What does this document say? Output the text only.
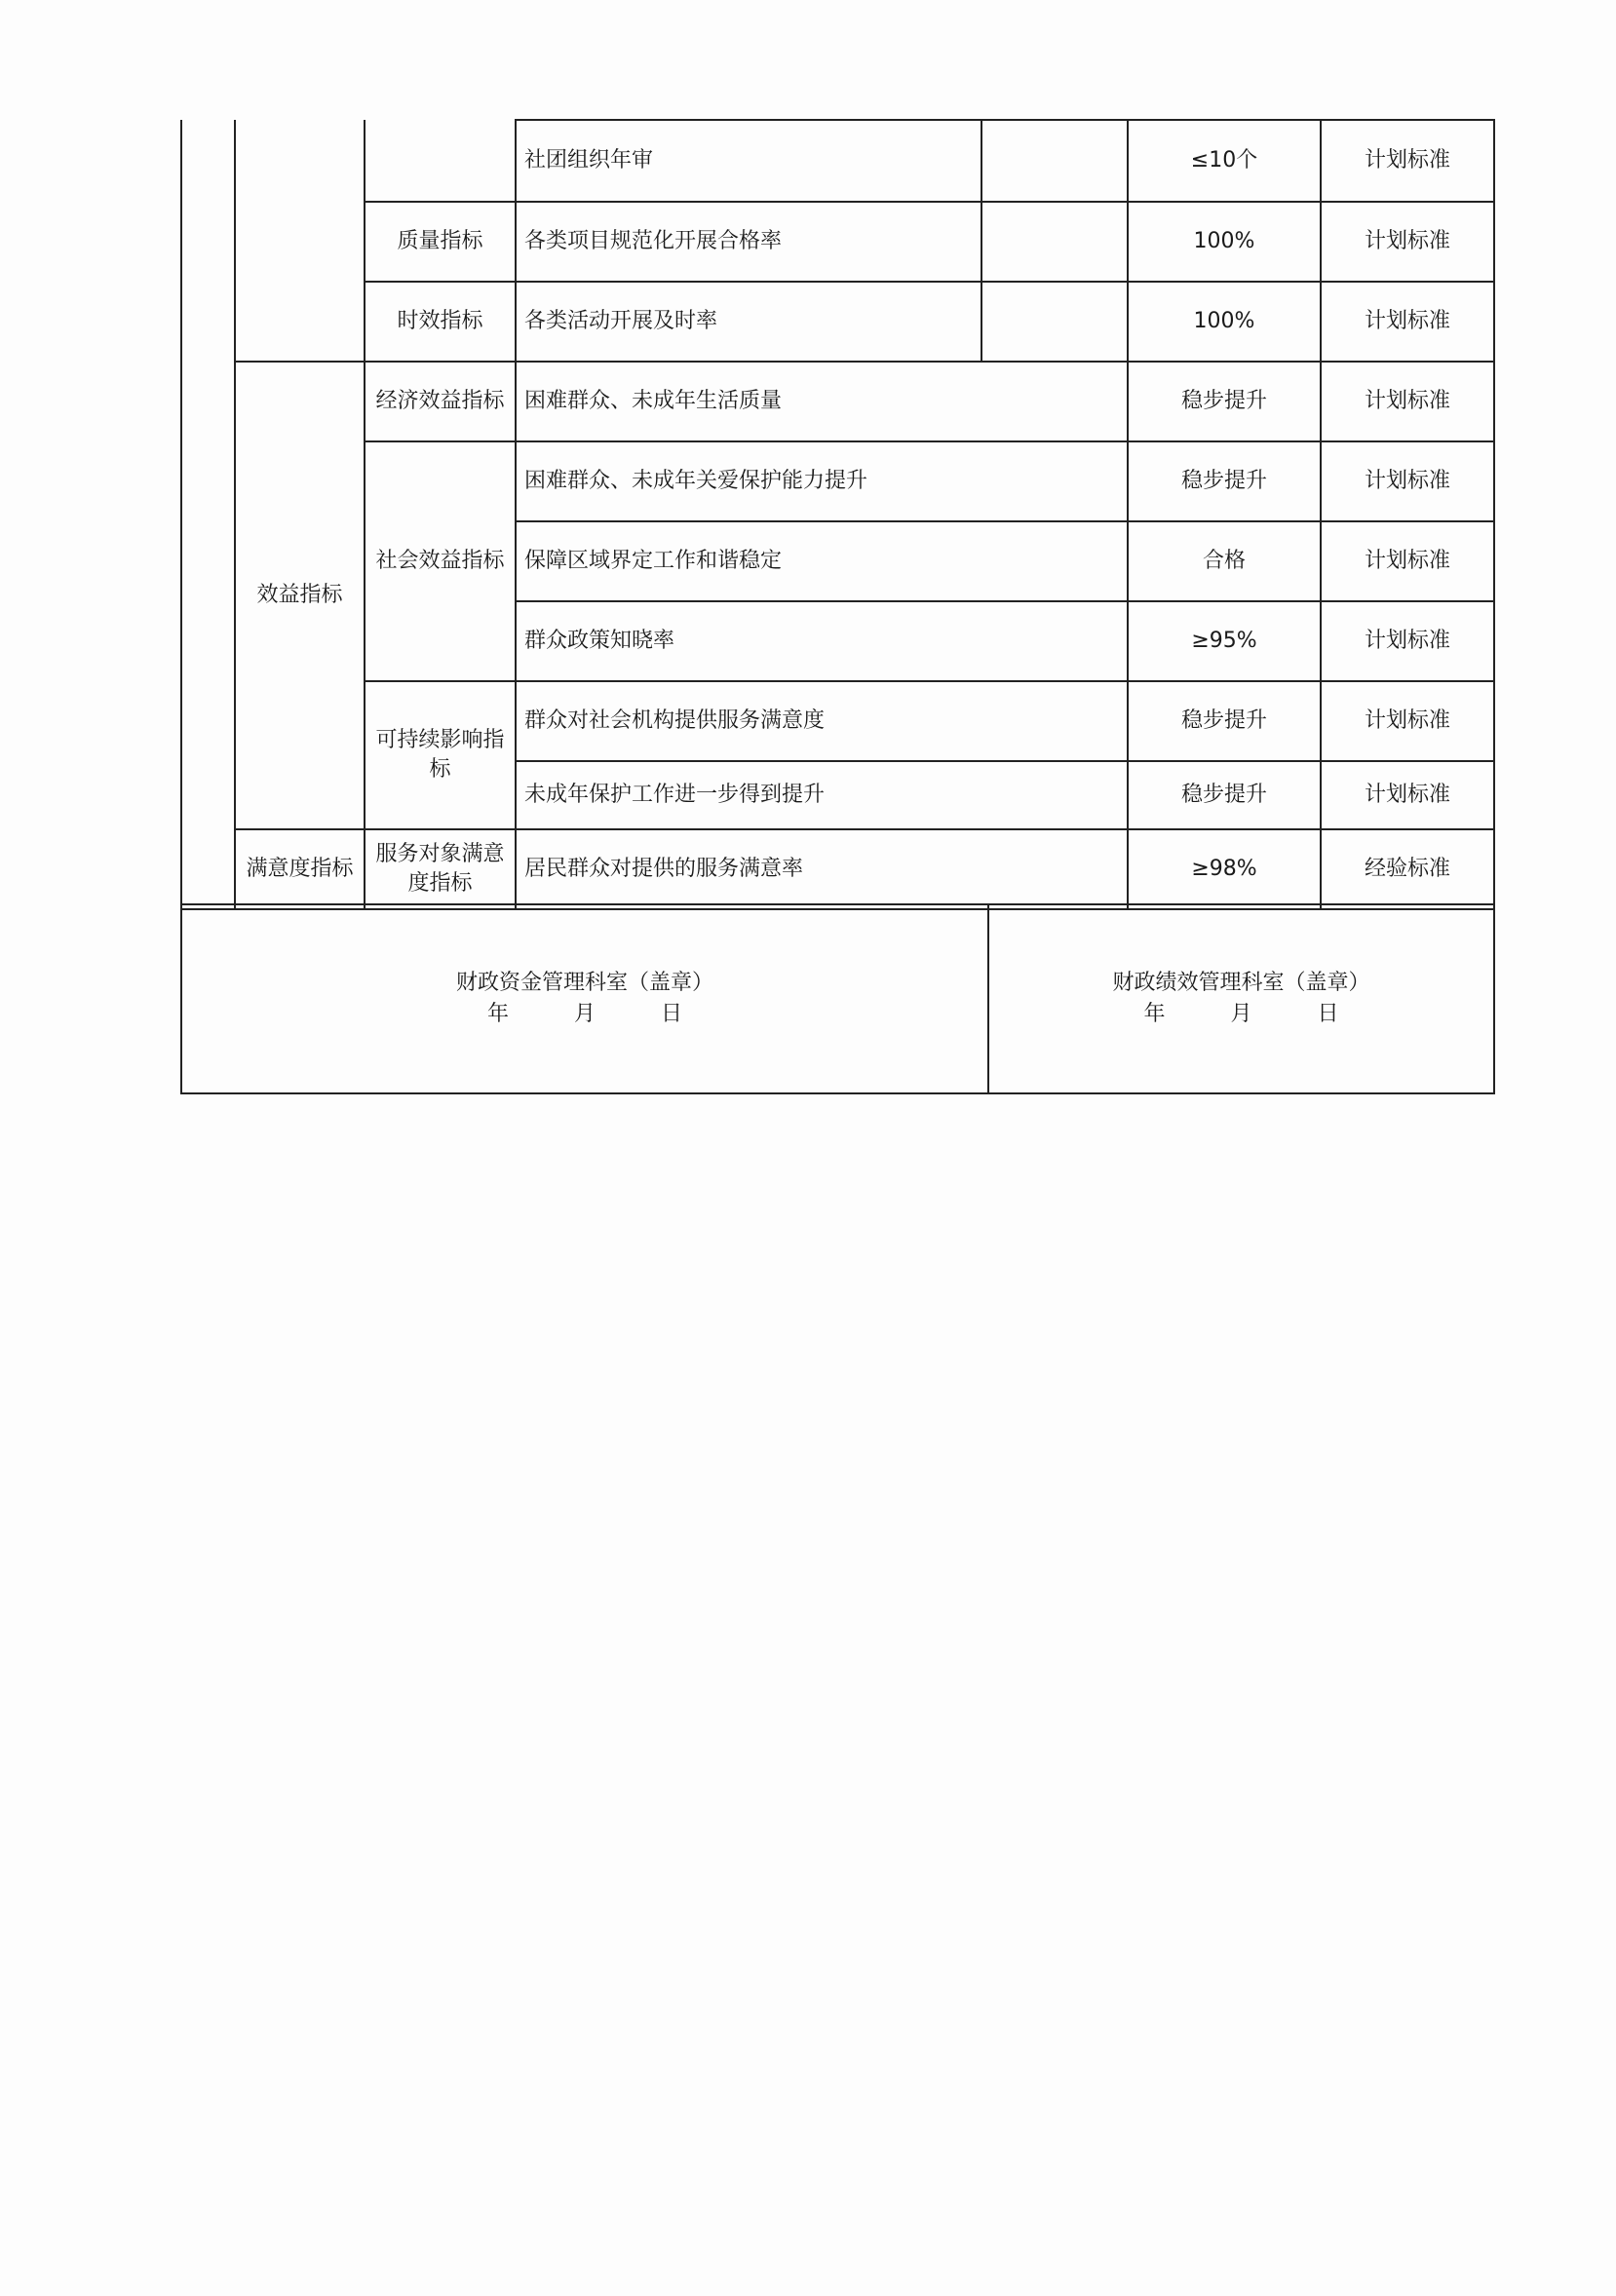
			社团组织年审		≤10个	计划标准
		质量指标	各类项目规范化开展合格率		100%	计划标准
		时效指标	各类活动开展及时率		100%	计划标准
	效益指标	经济效益指标	困难群众、未成年生活质量		稳步提升	计划标准
		社会效益指标	困难群众、未成年关爱保护能力提升		稳步提升	计划标准
			保障区域界定工作和谐稳定		合格	计划标准
			群众政策知晓率		≥95%	计划标准
		可持续影响指标	群众对社会机构提供服务满意度		稳步提升	计划标准
			未成年保护工作进一步得到提升		稳步提升	计划标准
	满意度指标	服务对象满意度指标	居民群众对提供的服务满意率		≥98%	经验标准
财政资金管理科室（盖章）
年	月	日

财政绩效管理科室（盖章）
年	月	日
